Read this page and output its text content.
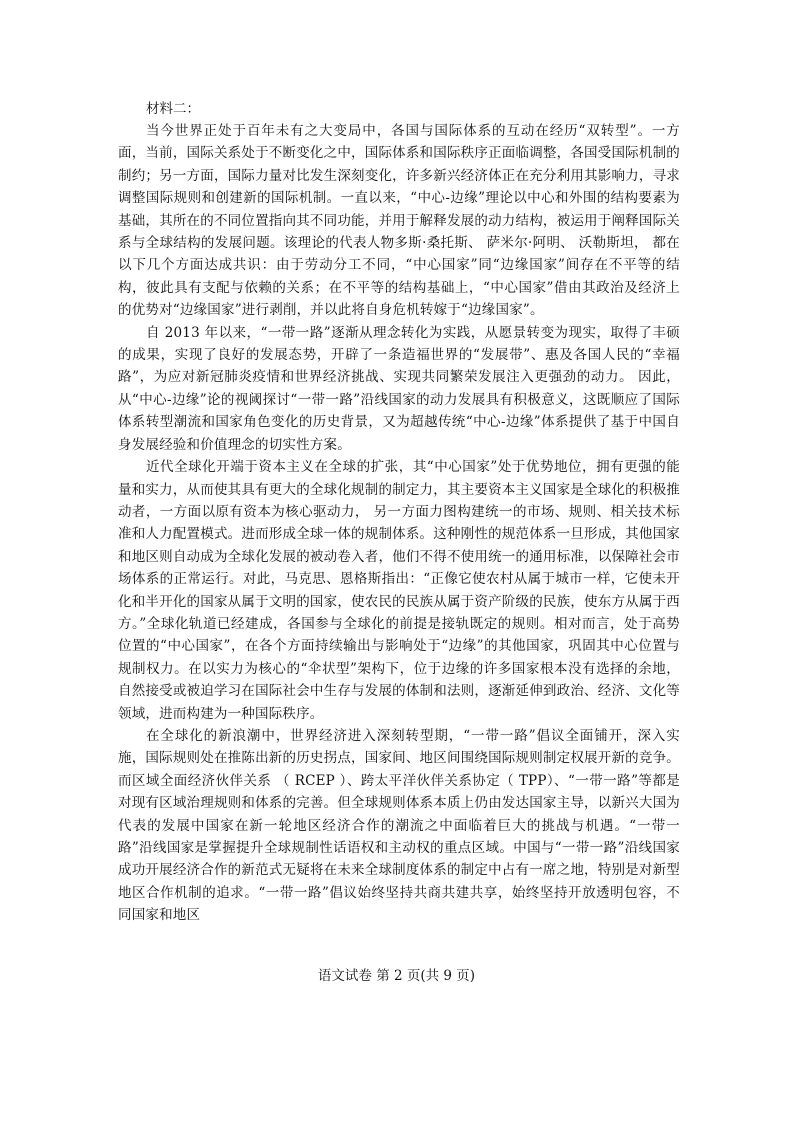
材料二：

当今世界正处于百年未有之大变局中，各国与国际体系的互动在经历“双转型”。一方面，当前，国际关系处于不断变化之中，国际体系和国际秩序正面临调整，各国受国际机制的制约；另一方面，国际力量对比发生深刻变化，许多新兴经济体正在充分利用其影响力，寻求调整国际规则和创建新的国际机制。一直以来，“中心-边缘”理论以中心和外围的结构要素为基础，其所在的不同位置指向其不同功能，并用于解释发展的动力结构，被运用于阐释国际关系与全球结构的发展问题。该理论的代表人物多斯·桑托斯、 萨米尔·阿明、 沃勒斯坦， 都在以下几个方面达成共识：由于劳动分工不同，“中心国家”同“边缘国家”间存在不平等的结构，彼此具有支配与依赖的关系；在不平等的结构基础上，“中心国家”借由其政治及经济上的优势对“边缘国家”进行剥削，并以此将自身危机转嫁于“边缘国家”。

自 2013 年以来，“一带一路”逐渐从理念转化为实践，从愿景转变为现实，取得了丰硕的成果，实现了良好的发展态势，开辟了一条造福世界的“发展带”、惠及各国人民的“幸福路”，为应对新冠肺炎疫情和世界经济挑战、实现共同繁荣发展注入更强劲的动力。 因此，从“中心-边缘”论的视阈探讨“一带一路”沿线国家的动力发展具有积极意义，这既顺应了国际体系转型潮流和国家角色变化的历史背景，又为超越传统“中心-边缘”体系提供了基于中国自身发展经验和价值理念的切实性方案。

近代全球化开端于资本主义在全球的扩张，其“中心国家”处于优势地位，拥有更强的能量和实力，从而使其具有更大的全球化规制的制定力，其主要资本主义国家是全球化的积极推动者，一方面以原有资本为核心驱动力， 另一方面力图构建统一的市场、规则、相关技术标准和人力配置模式。进而形成全球一体的规制体系。这种刚性的规范体系一旦形成，其他国家和地区则自动成为全球化发展的被动卷入者，他们不得不使用统一的通用标准，以保障社会市场体系的正常运行。对此，马克思、恩格斯指出：“正像它使农村从属于城市一样，它使未开化和半开化的国家从属于文明的国家，使农民的民族从属于资产阶级的民族，使东方从属于西方。”全球化轨道已经建成，各国参与全球化的前提是接轨既定的规则。相对而言，处于高势位置的“中心国家”，在各个方面持续输出与影响处于“边缘”的其他国家，巩固其中心位置与规制权力。在以实力为核心的“伞状型”架构下，位于边缘的许多国家根本没有选择的余地，自然接受或被迫学习在国际社会中生存与发展的体制和法则，逐渐延伸到政治、经济、文化等领域，进而构建为一种国际秩序。

在全球化的新浪潮中，世界经济进入深刻转型期，“一带一路”倡议全面铺开，深入实施，国际规则处在推陈出新的历史拐点，国家间、地区间围绕国际规则制定权展开新的竞争。而区域全面经济伙伴关系 （ RCEP ）、跨太平洋伙伴关系协定（ TPP）、“一带一路”等都是对现有区域治理规则和体系的完善。但全球规则体系本质上仍由发达国家主导，以新兴大国为代表的发展中国家在新一轮地区经济合作的潮流之中面临着巨大的挑战与机遇。“一带一路”沿线国家是掌握提升全球规制性话语权和主动权的重点区域。中国与“一带一路”沿线国家成功开展经济合作的新范式无疑将在未来全球制度体系的制定中占有一席之地，特别是对新型地区合作机制的追求。“一带一路”倡议始终坚持共商共建共享，始终坚持开放透明包容，不同国家和地区

语文试卷 第 2 页(共 9 页)
